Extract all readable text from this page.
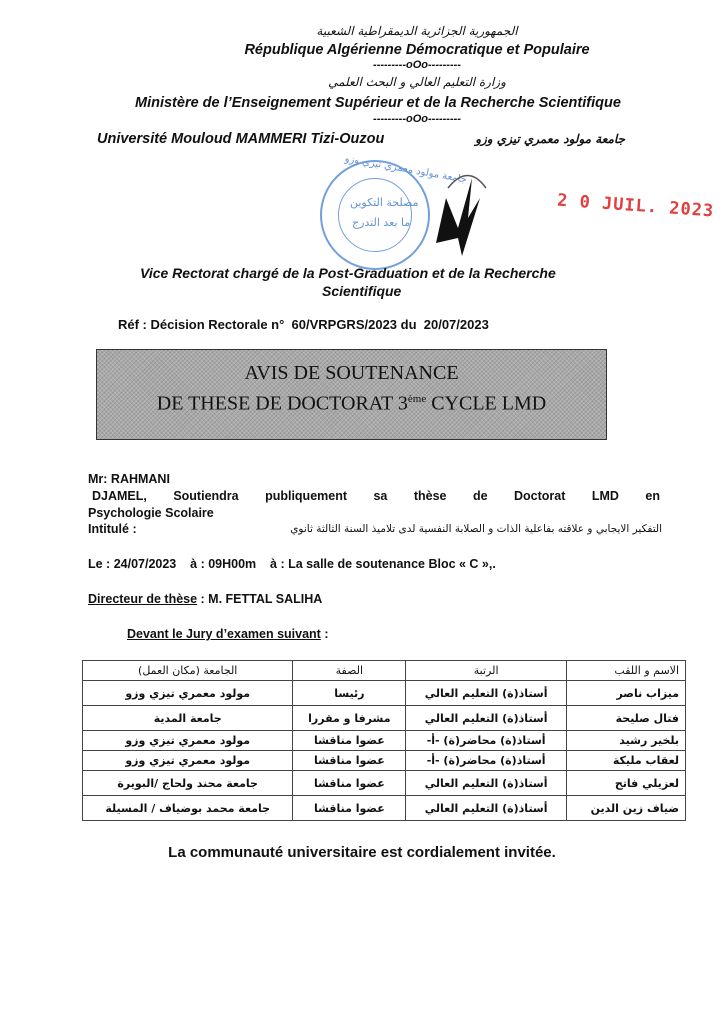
الجمهورية الجزائرية الديمقراطية الشعبية
République Algérienne Démocratique et Populaire
---------oOo---------
وزارة التعليم العالي و البحث العلمي
Ministère de l’Enseignement Supérieur et de la Recherche Scientifique
---------oOo---------
Université Mouloud MAMMERI Tizi-Ouzou	جامعة مولود معمري تيزي وزو
جامعة مولود معمري تيزي وزو
مصلحة التكوين
ما بعد التدرج
2 0 JUIL. 2023
Vice Rectorat chargé de la Post-Graduation et de la Recherche
Scientifique
Réf : Décision Rectorale n°  60/VRPGRS/2023 du  20/07/2023
AVIS DE SOUTENANCE
DE THESE DE DOCTORAT 3ème CYCLE LMD
Mr: RAHMANI
DJAMEL, Soutiendra publiquement sa thèse de Doctorat LMD en
Psychologie Scolaire
Intitulé :	التفكير الايجابي و علاقته بفاعلية الذات و الصلابة النفسية لدى تلاميذ السنة الثالثة ثانوي
Le : 24/07/2023    à : 09H00m    à : La salle de soutenance Bloc « C »,.
Directeur de thèse : M. FETTAL SALIHA
Devant le Jury d’examen suivant :
الاسم و اللقب	الرتبة	الصفة	الجامعة (مكان العمل)
ميزاب ناصر	أستاذ(ة) التعليم العالي	رئيسا	مولود معمري تيزي وزو
فتال صليحة	أستاذ(ة) التعليم العالي	مشرفا و مقررا	جامعة المدية
بلخير رشيد	أستاذ(ة) محاضر(ة) -أ-	عضوا مناقشا	مولود معمري تيزي وزو
لعقاب مليكة	أستاذ(ة) محاضر(ة) -أ-	عضوا مناقشا	مولود معمري تيزي وزو
لعزيلي فاتح	أستاذ(ة) التعليم العالي	عضوا مناقشا	جامعة محند ولحاج /البويرة
ضياف زين الدين	أستاذ(ة) التعليم العالي	عضوا مناقشا	جامعة محمد بوضياف / المسيلة
La communauté universitaire est cordialement invitée.
